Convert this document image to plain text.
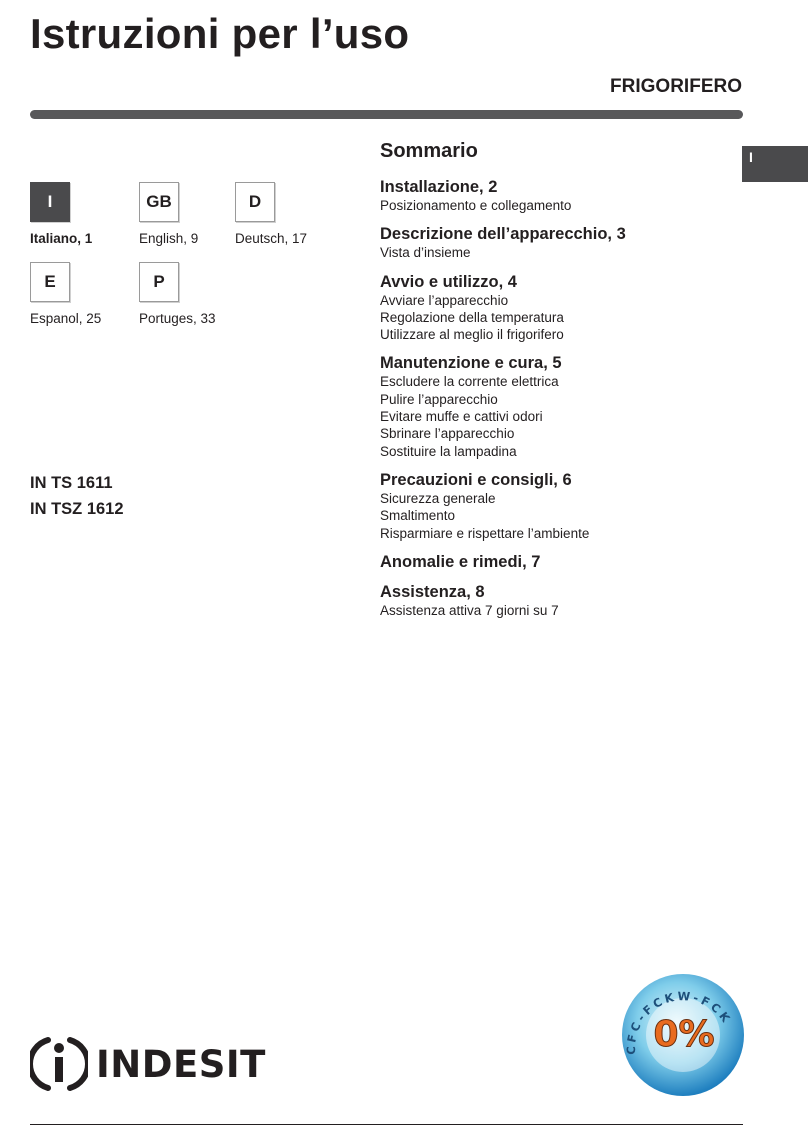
Istruzioni per l’uso
FRIGORIFERO
I
I
Italiano, 1
GB
English, 9
D
Deutsch, 17
E
Espanol, 25
P
Portuges, 33
IN TS 1611
IN TSZ 1612
Sommario
Installazione, 2
Posizionamento e collegamento
Descrizione dell’apparecchio, 3
Vista d’insieme
Avvio e utilizzo, 4
Avviare l’apparecchio
Regolazione della temperatura
Utilizzare al meglio il frigorifero
Manutenzione e cura, 5
Escludere la corrente elettrica
Pulire l’apparecchio
Evitare muffe e cattivi odori
Sbrinare l’apparecchio
Sostituire la lampadina
Precauzioni e consigli, 6
Sicurezza generale
Smaltimento
Risparmiare e rispettare l’ambiente
Anomalie e rimedi, 7
Assistenza, 8
Assistenza attiva 7 giorni su 7
INDESIT	CFC-FCKW-FCK
0%
